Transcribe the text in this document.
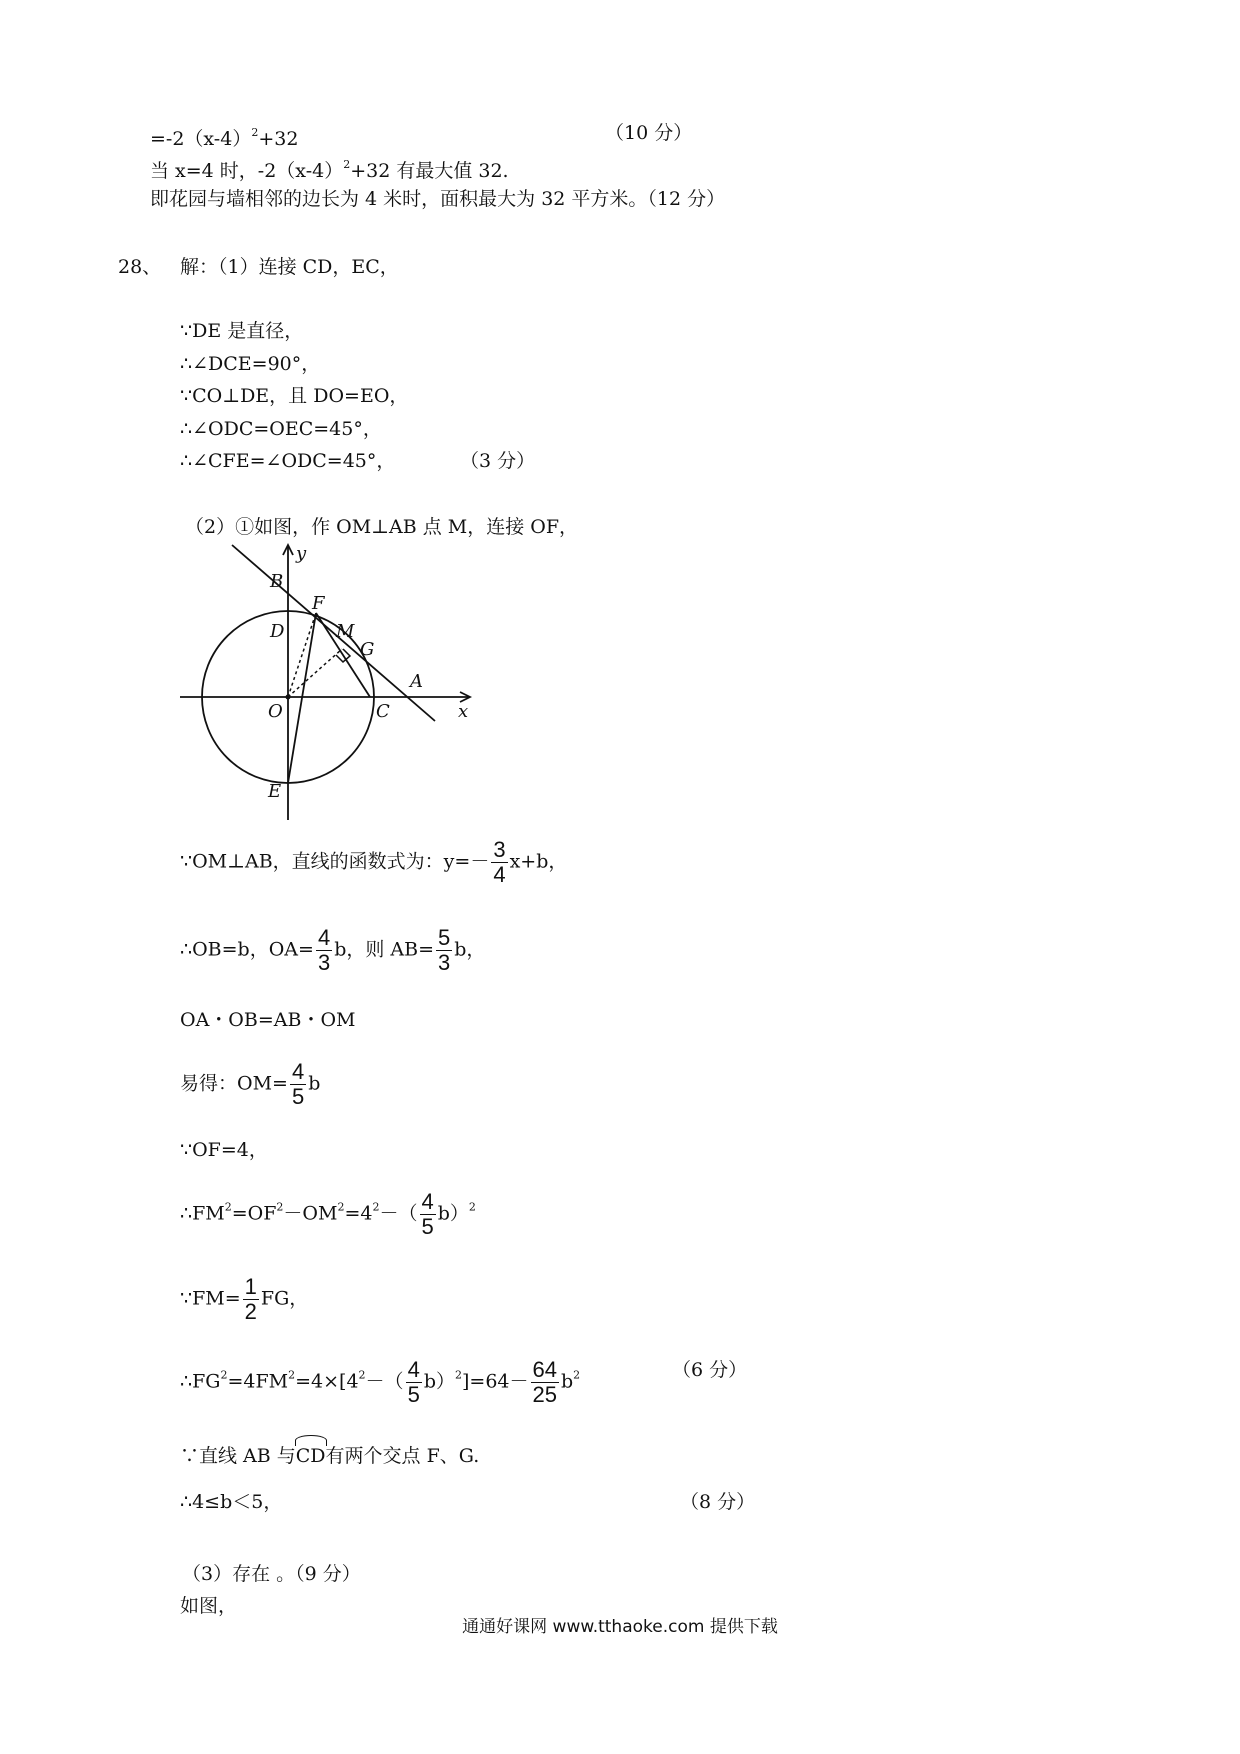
$=-2(x-4)^2+32$	（10 分）
当 x=4 时，$-2(x-4)^2+32$ 有最大值 32.
即花园与墙相邻的边长为 4 米时，面积最大为 32 平方米。（12 分）
28、 解：（1）连接 CD，EC，
∵DE 是直径，
∴∠DCE=90°，
∵CO⊥DE，且 DO=EO，
∴∠ODC=OEC=45°，
∴∠CFE=∠ODC=45°，	（3 分）
（2）①如图，作 OM⊥AB 点 M，连接 OF，
y
x
B
F
D	M
G
A
O	C
E
∵OM⊥AB，直线的函数式为：$y=- \frac{3}{4} x+b$，
∴OB=b，$OA= \frac{4}{3}$ b，则 $AB= \frac{5}{3}$ b，
OA・OB=AB・OM
易得：$OM= \frac{4}{5}$ b
∵OF=4，
$\therefore FM^2=OF^2-OM^2=4^2-( \frac{4}{5} b)^2$
∵FM= $\frac{1}{2}$ FG，
$\therefore FG^2=4FM^2=4\times[4^2-( \frac{4}{5} b)^2]=64- \frac{64}{25} b^2$	（6 分）
∵直线 AB 与CD有两个交点 F、G.
∴4≤b＜5，	（8 分）
（3）存在 。（9 分）
如图，
通通好课网 www.tthaoke.com 提供下载
